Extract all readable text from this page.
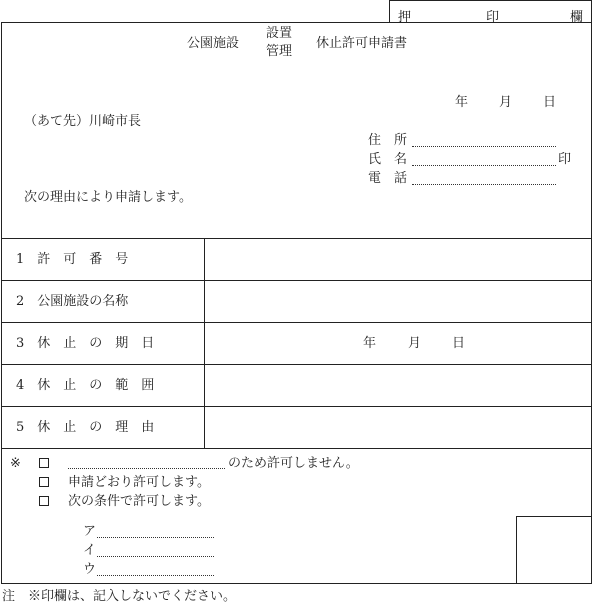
押	印	欄
公園施設
設置
管理
休止許可申請書
年 月 日
（あて先）川崎市長
住　所
氏　名	印
電　話
次の理由により申請します。
1　許　可　番　号
2　公園施設の名称
3　休　止　の　期　日	年 月 日
4　休　止　の　範　囲
5　休　止　の　理　由
※	のため許可しません。
申請どおり許可します。
次の条件で許可します。
ア
イ
ウ
注　※印欄は、記入しないでください。
